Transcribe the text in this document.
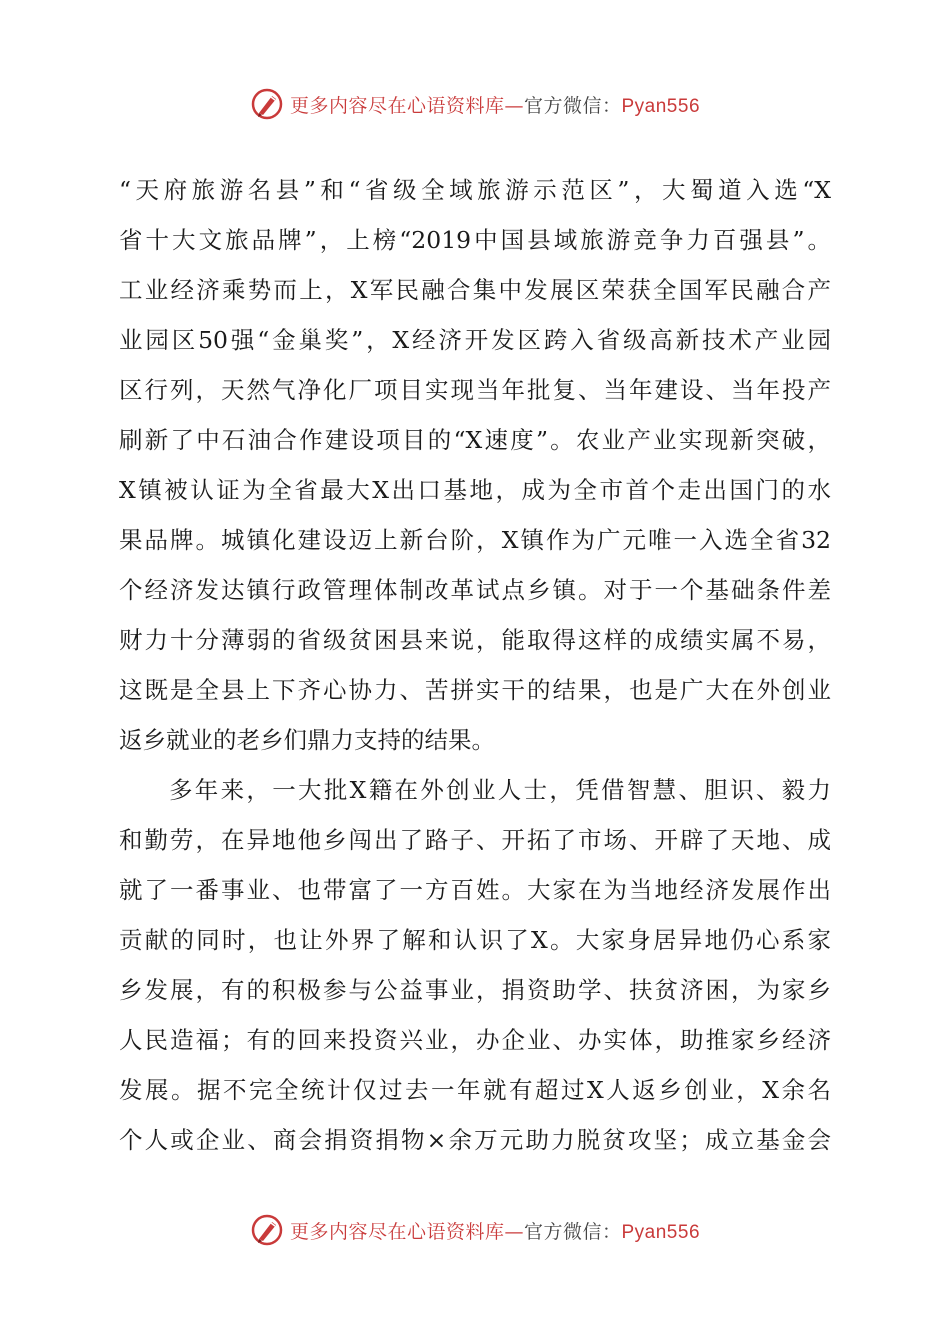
更多内容尽在心语资料库—官方微信：Pyan556
“天府旅游名县”和“省级全域旅游示范区”，大蜀道入选“X
省十大文旅品牌”，上榜“2019中国县域旅游竞争力百强县”。
工业经济乘势而上，X军民融合集中发展区荣获全国军民融合产
业园区50强“金巢奖”，X经济开发区跨入省级高新技术产业园
区行列，天然气净化厂项目实现当年批复、当年建设、当年投产
刷新了中石油合作建设项目的“X速度”。农业产业实现新突破，
X镇被认证为全省最大X出口基地，成为全市首个走出国门的水
果品牌。城镇化建设迈上新台阶，X镇作为广元唯一入选全省32
个经济发达镇行政管理体制改革试点乡镇。对于一个基础条件差
财力十分薄弱的省级贫困县来说，能取得这样的成绩实属不易，
这既是全县上下齐心协力、苦拼实干的结果，也是广大在外创业
返乡就业的老乡们鼎力支持的结果。
多年来，一大批X籍在外创业人士，凭借智慧、胆识、毅力
和勤劳，在异地他乡闯出了路子、开拓了市场、开辟了天地、成
就了一番事业、也带富了一方百姓。大家在为当地经济发展作出
贡献的同时，也让外界了解和认识了X。大家身居异地仍心系家
乡发展，有的积极参与公益事业，捐资助学、扶贫济困，为家乡
人民造福；有的回来投资兴业，办企业、办实体，助推家乡经济
发展。据不完全统计仅过去一年就有超过X人返乡创业，X余名
个人或企业、商会捐资捐物×余万元助力脱贫攻坚；成立基金会
更多内容尽在心语资料库—官方微信：Pyan556
